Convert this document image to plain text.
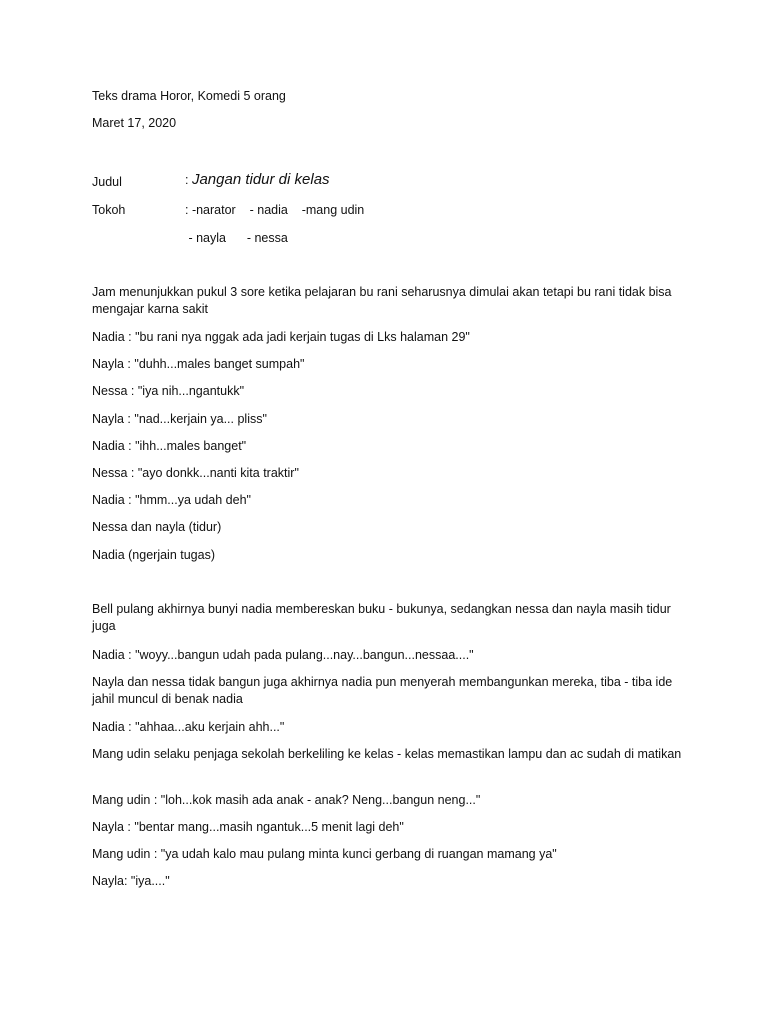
Teks drama Horor, Komedi 5 orang
Maret 17, 2020
Judul	: Jangan tidur di kelas
Tokoh	: -narator    - nadia    -mang udin
- nayla      - nessa
Jam menunjukkan pukul 3 sore ketika pelajaran bu rani seharusnya dimulai akan tetapi bu rani tidak bisa mengajar karna sakit
Nadia : "bu rani nya nggak ada jadi kerjain tugas di Lks halaman 29"
Nayla : "duhh...males banget sumpah"
Nessa : "iya nih...ngantukk"
Nayla : "nad...kerjain ya... pliss"
Nadia : "ihh...males banget"
Nessa : "ayo donkk...nanti kita traktir"
Nadia : "hmm...ya udah deh"
Nessa dan nayla (tidur)
Nadia (ngerjain tugas)
Bell pulang akhirnya bunyi nadia membereskan buku - bukunya, sedangkan nessa dan nayla masih tidur juga
Nadia : "woyy...bangun udah pada pulang...nay...bangun...nessaa...."
Nayla dan nessa tidak bangun juga akhirnya nadia pun menyerah membangunkan mereka, tiba - tiba ide jahil muncul di benak nadia
Nadia : "ahhaa...aku kerjain ahh..."
Mang udin selaku penjaga sekolah berkeliling ke kelas - kelas memastikan lampu dan ac sudah di matikan
Mang udin : "loh...kok masih ada anak - anak? Neng...bangun neng..."
Nayla : "bentar mang...masih ngantuk...5 menit lagi deh"
Mang udin : "ya udah kalo mau pulang minta kunci gerbang di ruangan mamang ya"
Nayla: "iya...."
